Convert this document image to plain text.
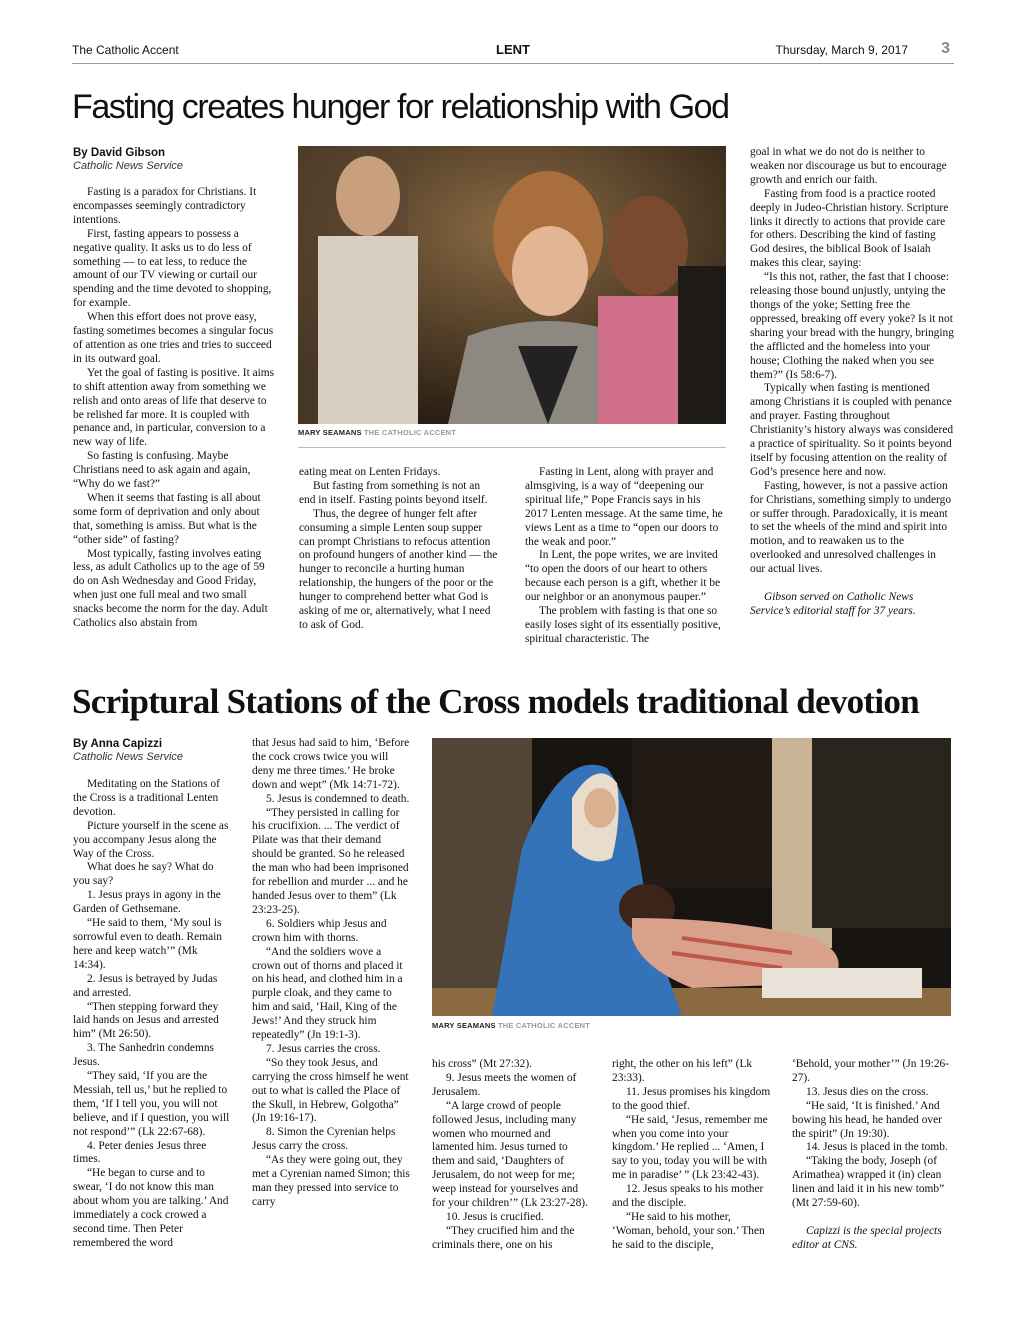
The Catholic Accent	LENT	Thursday, March 9, 2017 3
Fasting creates hunger for relationship with God
By David Gibson
Catholic News Service

Fasting is a paradox for Christians. It encompasses seemingly contradictory intentions.

First, fasting appears to possess a negative quality. It asks us to do less of something — to eat less, to reduce the amount of our TV viewing or curtail our spending and the time devoted to shopping, for example.

When this effort does not prove easy, fasting sometimes becomes a singular focus of attention as one tries and tries to succeed in its outward goal.

Yet the goal of fasting is positive. It aims to shift attention away from something we relish and onto areas of life that deserve to be relished far more. It is coupled with penance and, in particular, conversion to a new way of life.

So fasting is confusing. Maybe Christians need to ask again and again, “Why do we fast?”

When it seems that fasting is all about some form of deprivation and only about that, something is amiss. But what is the “other side” of fasting?

Most typically, fasting involves eating less, as adult Catholics up to the age of 59 do on Ash Wednesday and Good Friday, when just one full meal and two small snacks become the norm for the day. Adult Catholics also abstain from

MARY SEAMANS THE CATHOLIC ACCENT

eating meat on Lenten Fridays.

But fasting from something is not an end in itself. Fasting points beyond itself.

Thus, the degree of hunger felt after consuming a simple Lenten soup supper can prompt Christians to refocus attention on profound hungers of another kind — the hunger to reconcile a hurting human relationship, the hungers of the poor or the hunger to comprehend better what God is asking of me or, alternatively, what I need to ask of God.

Fasting in Lent, along with prayer and almsgiving, is a way of “deepening our spiritual life,” Pope Francis says in his 2017 Lenten message. At the same time, he views Lent as a time to “open our doors to the weak and poor.”

In Lent, the pope writes, we are invited “to open the doors of our heart to others because each person is a gift, whether it be our neighbor or an anonymous pauper.”

The problem with fasting is that one so easily loses sight of its essentially positive, spiritual characteristic. The

goal in what we do not do is neither to weaken nor discourage us but to encourage growth and enrich our faith.

Fasting from food is a practice rooted deeply in Judeo-Christian history. Scripture links it directly to actions that provide care for others. Describing the kind of fasting God desires, the biblical Book of Isaiah makes this clear, saying:

“Is this not, rather, the fast that I choose: releasing those bound unjustly, untying the thongs of the yoke; Setting free the oppressed, breaking off every yoke? Is it not sharing your bread with the hungry, bringing the afflicted and the homeless into your house; Clothing the naked when you see them?” (Is 58:6-7).

Typically when fasting is mentioned among Christians it is coupled with penance and prayer. Fasting throughout Christianity’s history always was considered a practice of spirituality. So it points beyond itself by focusing attention on the reality of God’s presence here and now.

Fasting, however, is not a passive action for Christians, something simply to undergo or suffer through. Paradoxically, it is meant to set the wheels of the mind and spirit into motion, and to reawaken us to the overlooked and unresolved challenges in our actual lives.

Gibson served on Catholic News Service’s editorial staff for 37 years.

Scriptural Stations of the Cross models traditional devotion
By Anna Capizzi
Catholic News Service

Meditating on the Stations of the Cross is a traditional Lenten devotion.

Picture yourself in the scene as you accompany Jesus along the Way of the Cross.

What does he say? What do you say?

1. Jesus prays in agony in the Garden of Gethsemane.

“He said to them, ‘My soul is sorrowful even to death. Remain here and keep watch’” (Mk 14:34).

2. Jesus is betrayed by Judas and arrested.

“Then stepping forward they laid hands on Jesus and arrested him” (Mt 26:50).

3. The Sanhedrin condemns Jesus.

“They said, ‘If you are the Messiah, tell us,’ but he replied to them, ‘If I tell you, you will not believe, and if I question, you will not respond’” (Lk 22:67-68).

4. Peter denies Jesus three times.

“He began to curse and to swear, ‘I do not know this man about whom you are talking.’ And immediately a cock crowed a second time. Then Peter remembered the word

that Jesus had said to him, ‘Before the cock crows twice you will deny me three times.’ He broke down and wept” (Mk 14:71-72).

5. Jesus is condemned to death.

“They persisted in calling for his crucifixion. ... The verdict of Pilate was that their demand should be granted. So he released the man who had been imprisoned for rebellion and murder ... and he handed Jesus over to them” (Lk 23:23-25).

6. Soldiers whip Jesus and crown him with thorns.

“And the soldiers wove a crown out of thorns and placed it on his head, and clothed him in a purple cloak, and they came to him and said, ‘Hail, King of the Jews!’ And they struck him repeatedly” (Jn 19:1-3).

7. Jesus carries the cross.

“So they took Jesus, and carrying the cross himself he went out to what is called the Place of the Skull, in Hebrew, Golgotha” (Jn 19:16-17).

8. Simon the Cyrenian helps Jesus carry the cross.

“As they were going out, they met a Cyrenian named Simon; this man they pressed into service to carry

MARY SEAMANS THE CATHOLIC ACCENT

his cross” (Mt 27:32).

9. Jesus meets the women of Jerusalem.

“A large crowd of people followed Jesus, including many women who mourned and lamented him. Jesus turned to them and said, ‘Daughters of Jerusalem, do not weep for me; weep instead for yourselves and for your children’” (Lk 23:27-28).

10. Jesus is crucified.

“They crucified him and the criminals there, one on his

right, the other on his left” (Lk 23:33).

11. Jesus promises his kingdom to the good thief.

“He said, ‘Jesus, remember me when you come into your kingdom.’ He replied ... ‘Amen, I say to you, today you will be with me in paradise’ ” (Lk 23:42-43).

12. Jesus speaks to his mother and the disciple.

“He said to his mother, ‘Woman, behold, your son.’ Then he said to the disciple,

‘Behold, your mother’” (Jn 19:26-27).

13. Jesus dies on the cross.

“He said, ‘It is finished.’ And bowing his head, he handed over the spirit” (Jn 19:30).

14. Jesus is placed in the tomb.

“Taking the body, Joseph (of Arimathea) wrapped it (in) clean linen and laid it in his new tomb” (Mt 27:59-60).

Capizzi is the special projects editor at CNS.
